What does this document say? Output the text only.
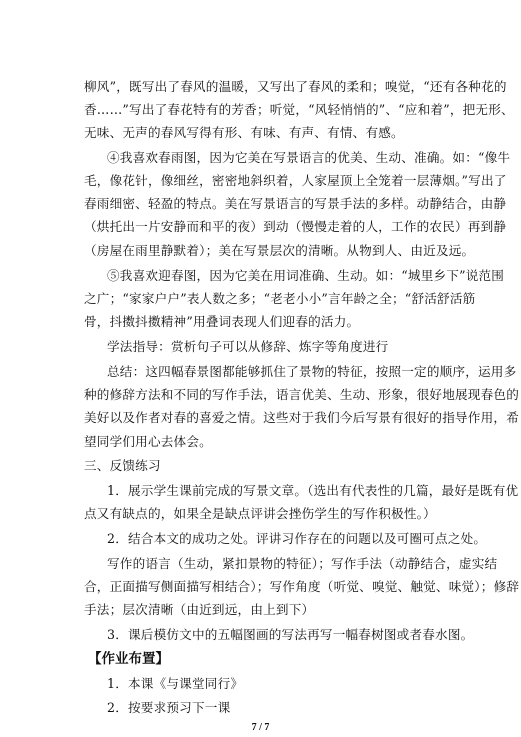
柳风”，既写出了春风的温暖，又写出了春风的柔和；嗅觉，“还有各种花的
香……”写出了春花特有的芳香；听觉，“风轻悄悄的”、“应和着”，把无形、
无味、无声的春风写得有形、有味、有声、有情、有感。
④我喜欢春雨图，因为它美在写景语言的优美、生动、准确。如：“像牛
毛，像花针，像细丝，密密地斜织着，人家屋顶上全笼着一层薄烟。”写出了
春雨细密、轻盈的特点。美在写景语言的写景手法的多样。动静结合，由静
（烘托出一片安静而和平的夜）到动（慢慢走着的人，工作的农民）再到静
（房屋在雨里静默着）；美在写景层次的清晰。从物到人、由近及远。
⑤我喜欢迎春图，因为它美在用词准确、生动。如：“城里乡下”说范围
之广；“家家户户”表人数之多；“老老小小”言年龄之全；“舒活舒活筋
骨，抖擞抖擞精神”用叠词表现人们迎春的活力。
学法指导：赏析句子可以从修辞、炼字等角度进行
总结：这四幅春景图都能够抓住了景物的特征，按照一定的顺序，运用多
种的修辞方法和不同的写作手法，语言优美、生动、形象，很好地展现春色的
美好以及作者对春的喜爱之情。这些对于我们今后写景有很好的指导作用，希
望同学们用心去体会。
三、反馈练习
1．展示学生课前完成的写景文章。（选出有代表性的几篇，最好是既有优
点又有缺点的，如果全是缺点评讲会挫伤学生的写作积极性。）
2．结合本文的成功之处。评讲习作存在的问题以及可圈可点之处。
写作的语言（生动，紧扣景物的特征）；写作手法（动静结合，虚实结
合，正面描写侧面描写相结合）；写作角度（听觉、嗅觉、触觉、味觉）；修辞
手法；层次清晰（由近到远，由上到下）
3．课后模仿文中的五幅图画的写法再写一幅春树图或者春水图。
【作业布置】
1．本课《与课堂同行》
2．按要求预习下一课
7 / 7
